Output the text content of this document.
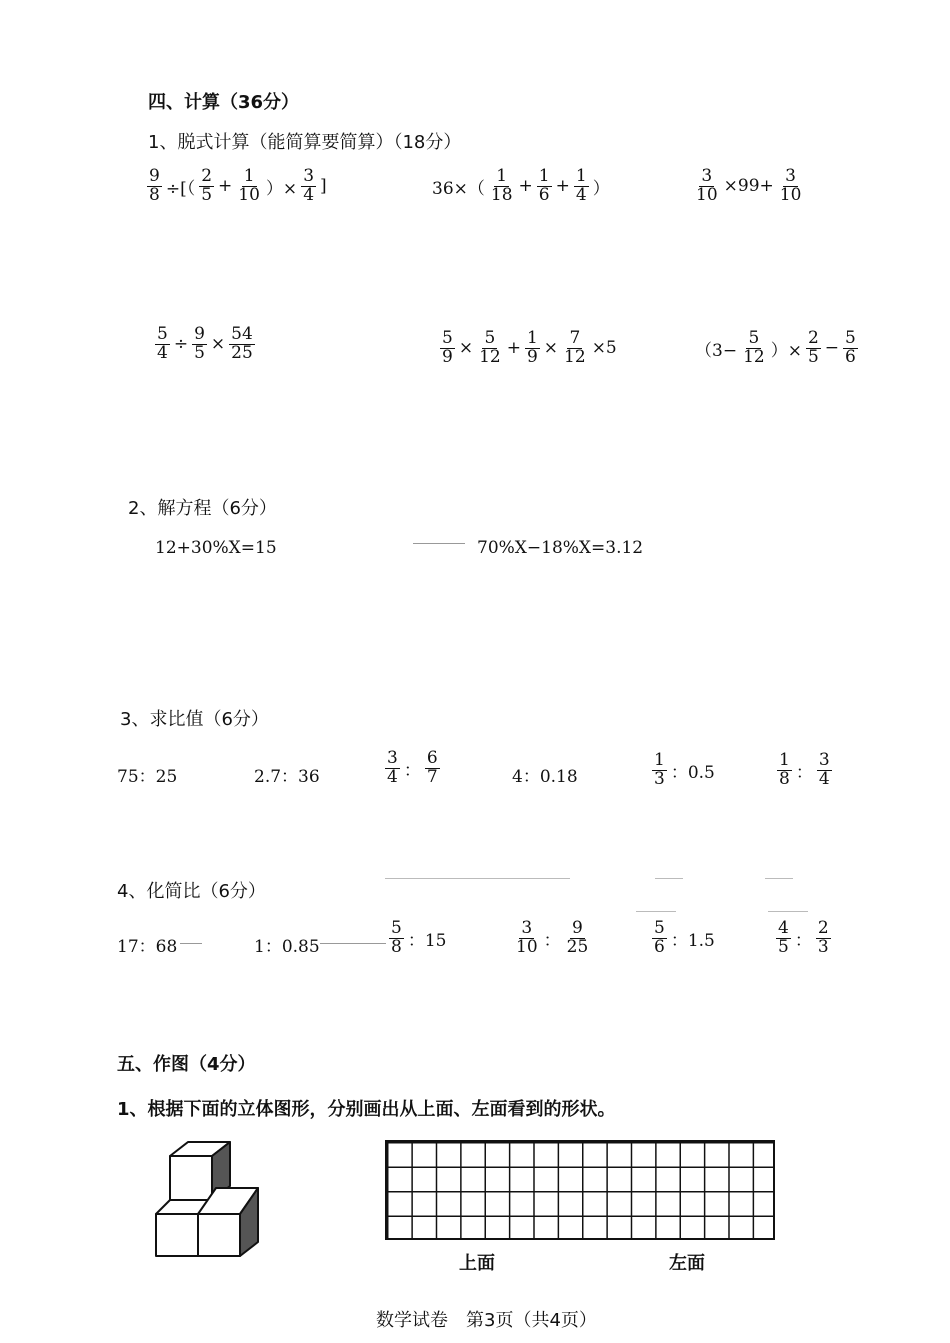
四、计算（36分）
1、脱式计算（能简算要简算）（18分）
$\frac{9}{8}$ ÷[（ $\frac{2}{5} + \frac{1}{10}$ ）× $\frac{3}{4}$ ]	$36\times( \frac{1}{18} + \frac{1}{6} + \frac{1}{4}$ ）	$\frac{3}{10} \times 99+ \frac{3}{10}$
$\frac{5}{4} \div \frac{9}{5} \times \frac{54}{25}$	$\frac{5}{9} \times \frac{5}{12} + \frac{1}{9} \times \frac{7}{12} \times 5$	（$3- \frac{5}{12}$ ）× $\frac{2}{5} - \frac{5}{6}$
2、解方程（6分）
12+30%X=15	70%X−18%X=3.12
3、求比值（6分）
75：25	2.7：36	$\frac{3}{4}$ ： $\frac{6}{7}$	4：0.18	$\frac{1}{3}$ ：0.5	$\frac{1}{8}$ ： $\frac{3}{4}$
4、化简比（6分）
17：68	1：0.85	$\frac{5}{8}$ ：15	$\frac{3}{10}$ ： $\frac{9}{25}$	$\frac{5}{6}$ ：1.5	$\frac{4}{5}$ ： $\frac{2}{3}$
五、作图（4分）
1、根据下面的立体图形，分别画出从上面、左面看到的形状。
上面	左面
数学试卷　第3页（共4页）
